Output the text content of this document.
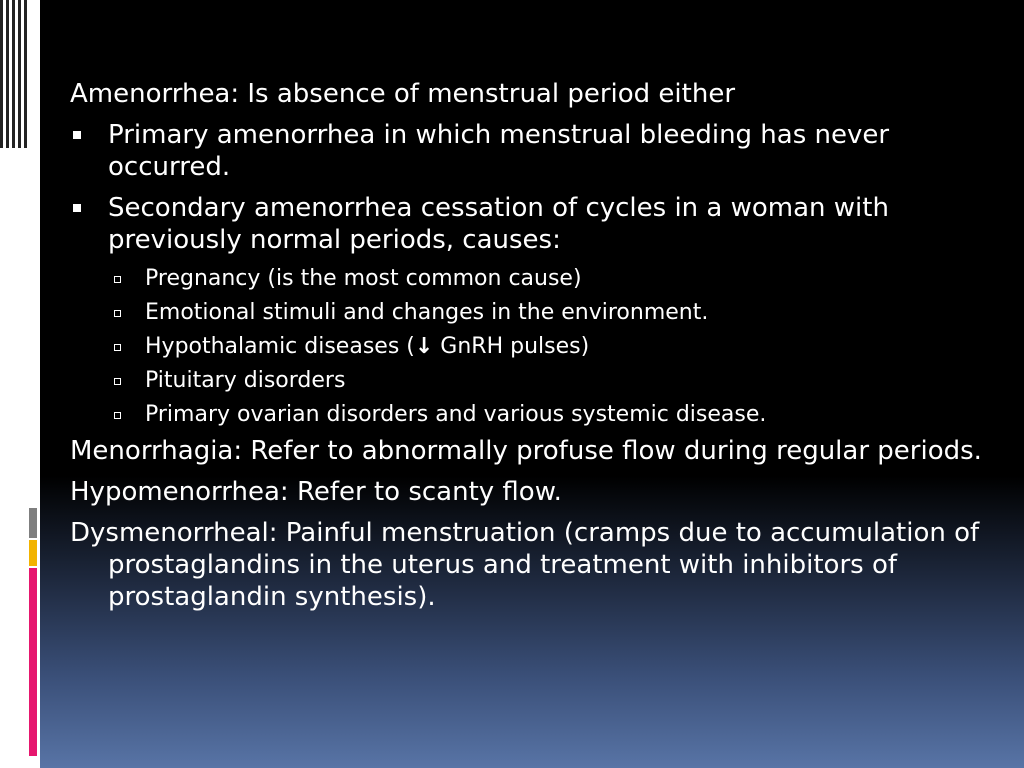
Amenorrhea: Is absence of menstrual period either

Primary amenorrhea in which menstrual bleeding has never occurred.
Secondary amenorrhea cessation of cycles in a woman with previously normal periods, causes:
Pregnancy (is the most common cause)
Emotional stimuli and changes in the environment.
Hypothalamic diseases (↓ GnRH pulses)
Pituitary disorders
Primary ovarian disorders and various systemic disease.

Menorrhagia: Refer to abnormally profuse flow during regular periods.

Hypomenorrhea: Refer to scanty flow.

Dysmenorrheal: Painful menstruation (cramps due to accumulation of prostaglandins in the uterus and treatment with inhibitors of prostaglandin synthesis).
